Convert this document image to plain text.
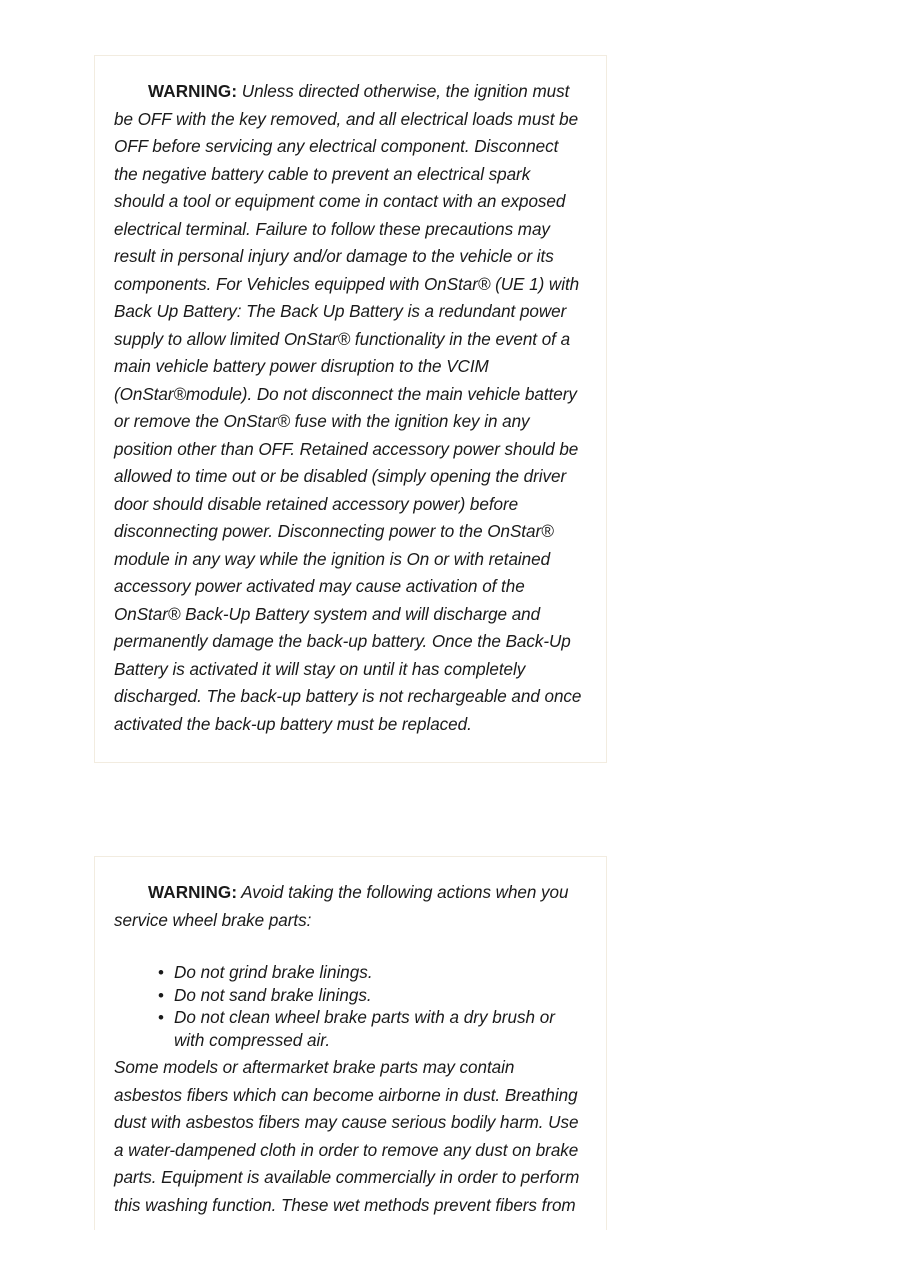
WARNING: Unless directed otherwise, the ignition must be OFF with the key removed, and all electrical loads must be OFF before servicing any electrical component. Disconnect the negative battery cable to prevent an electrical spark should a tool or equipment come in contact with an exposed electrical terminal. Failure to follow these precautions may result in personal injury and/or damage to the vehicle or its components. For Vehicles equipped with OnStar® (UE 1) with Back Up Battery: The Back Up Battery is a redundant power supply to allow limited OnStar® functionality in the event of a main vehicle battery power disruption to the VCIM (OnStar®module). Do not disconnect the main vehicle battery or remove the OnStar® fuse with the ignition key in any position other than OFF. Retained accessory power should be allowed to time out or be disabled (simply opening the driver door should disable retained accessory power) before disconnecting power. Disconnecting power to the OnStar® module in any way while the ignition is On or with retained accessory power activated may cause activation of the OnStar® Back-Up Battery system and will discharge and permanently damage the back-up battery. Once the Back-Up Battery is activated it will stay on until it has completely discharged. The back-up battery is not rechargeable and once activated the back-up battery must be replaced.

WARNING: Avoid taking the following actions when you service wheel brake parts:

• Do not grind brake linings.
• Do not sand brake linings.
• Do not clean wheel brake parts with a dry brush or with compressed air.

Some models or aftermarket brake parts may contain asbestos fibers which can become airborne in dust. Breathing dust with asbestos fibers may cause serious bodily harm. Use a water-dampened cloth in order to remove any dust on brake parts. Equipment is available commercially in order to perform this washing function. These wet methods prevent fibers from
